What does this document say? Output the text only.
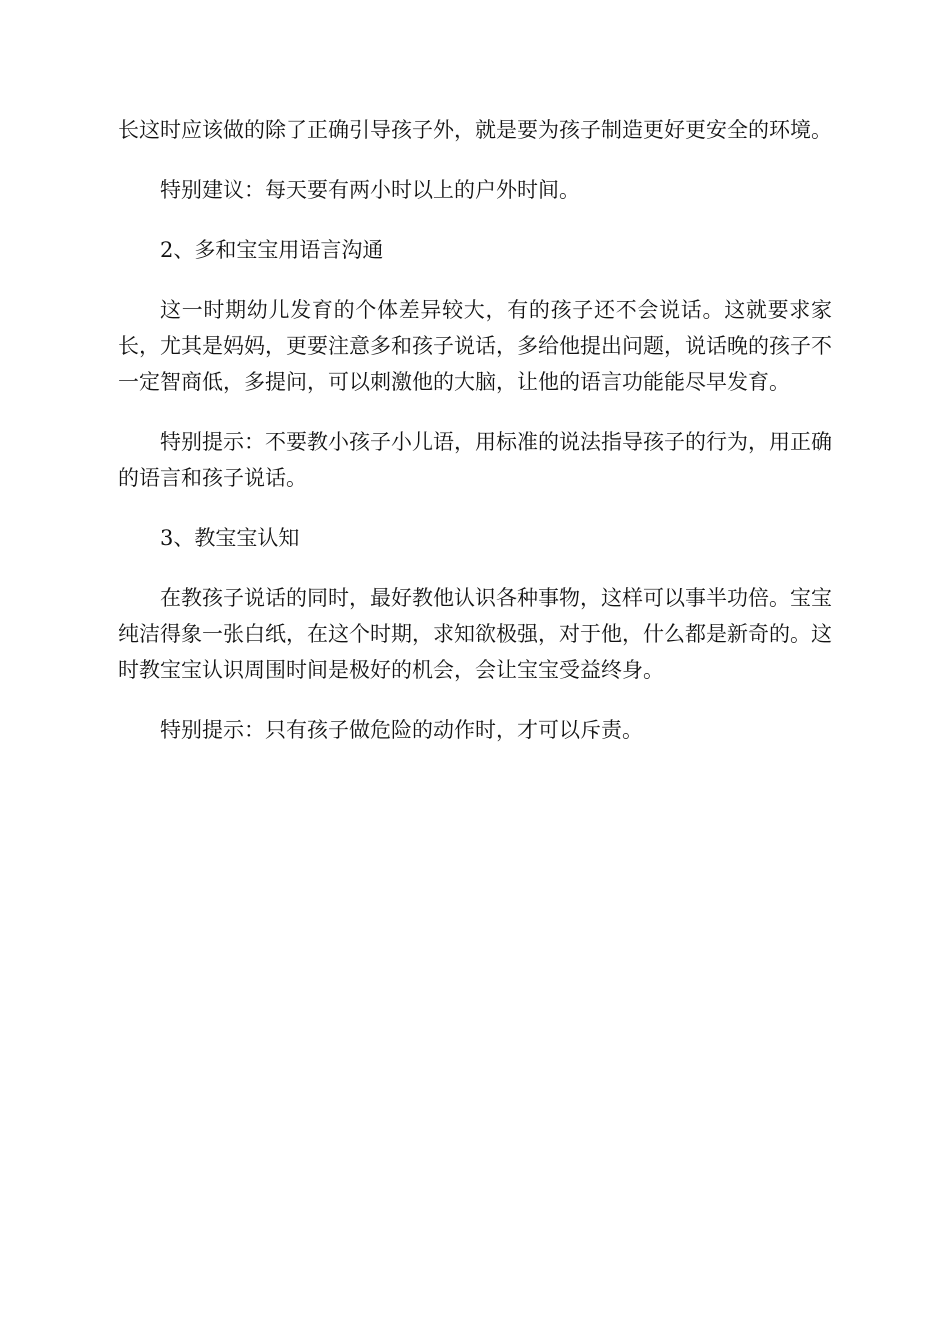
长这时应该做的除了正确引导孩子外，就是要为孩子制造更好更安全的环境。

特别建议：每天要有两小时以上的户外时间。

2、多和宝宝用语言沟通

这一时期幼儿发育的个体差异较大，有的孩子还不会说话。这就要求家长，尤其是妈妈，更要注意多和孩子说话，多给他提出问题，说话晚的孩子不一定智商低，多提问，可以刺激他的大脑，让他的语言功能能尽早发育。

特别提示：不要教小孩子小儿语，用标准的说法指导孩子的行为，用正确的语言和孩子说话。

3、教宝宝认知

在教孩子说话的同时，最好教他认识各种事物，这样可以事半功倍。宝宝纯洁得象一张白纸，在这个时期，求知欲极强，对于他，什么都是新奇的。这时教宝宝认识周围时间是极好的机会，会让宝宝受益终身。

特别提示：只有孩子做危险的动作时，才可以斥责。
